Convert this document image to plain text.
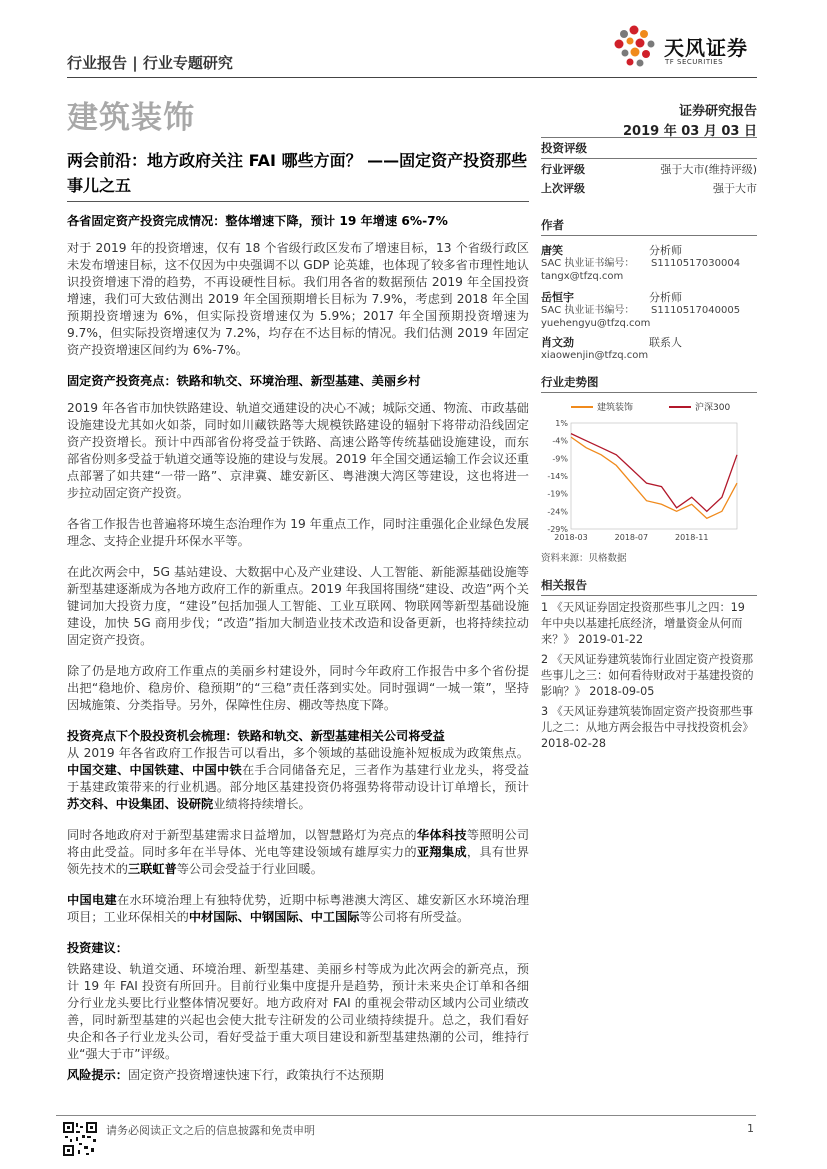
天风证券
TF SECURITIES
行业报告 | 行业专题研究
建筑装饰	证券研究报告
2019 年 03 月 03 日
两会前沿：地方政府关注 FAI 哪些方面？ ——固定资产投资那些事儿之五
各省固定资产投资完成情况：整体增速下降，预计 19 年增速 6%-7%
对于 2019 年的投资增速，仅有 18 个省级行政区发布了增速目标，13 个省级行政区未发布增速目标，这不仅因为中央强调不以 GDP 论英雄，也体现了较多省市理性地认识投资增速下滑的趋势，不再设硬性目标。我们用各省的数据预估 2019 年全国投资增速，我们可大致估测出 2019 年全国预期增长目标为 7.9%，考虑到 2018 年全国预期投资增速为 6%，但实际投资增速仅为 5.9%；2017 年全国预期投资增速为 9.7%，但实际投资增速仅为 7.2%，均存在不达目标的情况。我们估测 2019 年固定资产投资增速区间约为 6%-7%。
固定资产投资亮点：铁路和轨交、环境治理、新型基建、美丽乡村
2019 年各省市加快铁路建设、轨道交通建设的决心不减；城际交通、物流、市政基础设施建设尤其如火如荼，同时如川藏铁路等大规模铁路建设的辐射下将带动沿线固定资产投资增长。预计中西部省份将受益于铁路、高速公路等传统基础设施建设，而东部省份则多受益于轨道交通等设施的建设与发展。2019 年全国交通运输工作会议还重点部署了如共建“一带一路”、京津冀、雄安新区、粤港澳大湾区等建设，这也将进一步拉动固定资产投资。
各省工作报告也普遍将环境生态治理作为 19 年重点工作，同时注重强化企业绿色发展理念、支持企业提升环保水平等。
在此次两会中，5G 基站建设、大数据中心及产业建设、人工智能、新能源基础设施等新型基建逐渐成为各地方政府工作的新重点。2019 年我国将围绕“建设、改造”两个关键词加大投资力度，“建设”包括加强人工智能、工业互联网、物联网等新型基础设施建设，加快 5G 商用步伐；“改造”指加大制造业技术改造和设备更新，也将持续拉动固定资产投资。
除了仍是地方政府工作重点的美丽乡村建设外，同时今年政府工作报告中多个省份提出把“稳地价、稳房价、稳预期”的“三稳”责任落到实处。同时强调“一城一策”，坚持因城施策、分类指导。另外，保障性住房、棚改等热度下降。
投资亮点下个股投资机会梳理：铁路和轨交、新型基建相关公司将受益
从 2019 年各省政府工作报告可以看出，多个领域的基础设施补短板成为政策焦点。中国交建、中国铁建、中国中铁在手合同储备充足，三者作为基建行业龙头，将受益于基建政策带来的行业机遇。部分地区基建投资仍将强势将带动设计订单增长，预计苏交科、中设集团、设研院业绩将持续增长。
同时各地政府对于新型基建需求日益增加，以智慧路灯为亮点的华体科技等照明公司将由此受益。同时多年在半导体、光电等建设领域有雄厚实力的亚翔集成，具有世界领先技术的三联虹普等公司会受益于行业回暖。
中国电建在水环境治理上有独特优势，近期中标粤港澳大湾区、雄安新区水环境治理项目；工业环保相关的中材国际、中钢国际、中工国际等公司将有所受益。
投资建议：
铁路建设、轨道交通、环境治理、新型基建、美丽乡村等成为此次两会的新亮点，预计 19 年 FAI 投资有所回升。目前行业集中度提升是趋势，预计未来央企订单和各细分行业龙头要比行业整体情况要好。地方政府对 FAI 的重视会带动区域内公司业绩改善，同时新型基建的兴起也会使大批专注研发的公司业绩持续提升。总之，我们看好央企和各子行业龙头公司，看好受益于重大项目建设和新型基建热潮的公司，维持行业“强大于市”评级。
风险提示：固定资产投资增速快速下行，政策执行不达预期
投资评级
行业评级	强于大市(维持评级)
上次评级	强于大市
作者
唐笑	分析师
SAC 执业证书编号：	S1110517030004
tangx@tfzq.com
岳恒宇	分析师
SAC 执业证书编号：	S1110517040005
yuehengyu@tfzq.com
肖文劲	联系人
xiaowenjin@tfzq.com
行业走势图
1%
-4%
-9%
-14%
-19%
-24%
-29%
2018-03	2018-07	2018-11
建筑装饰	沪深300
资料来源：贝格数据
相关报告
1 《天风证券固定投资那些事儿之四：19 年中央以基建托底经济，增量资金从何而来？》 2019-01-22
2 《天风证券建筑装饰行业固定资产投资那些事儿之三：如何看待财政对于基建投资的影响？》 2018-09-05
3 《天风证券建筑装饰固定资产投资那些事儿之二：从地方两会报告中寻找投资机会》 2018-02-28
请务必阅读正文之后的信息披露和免责申明	1
